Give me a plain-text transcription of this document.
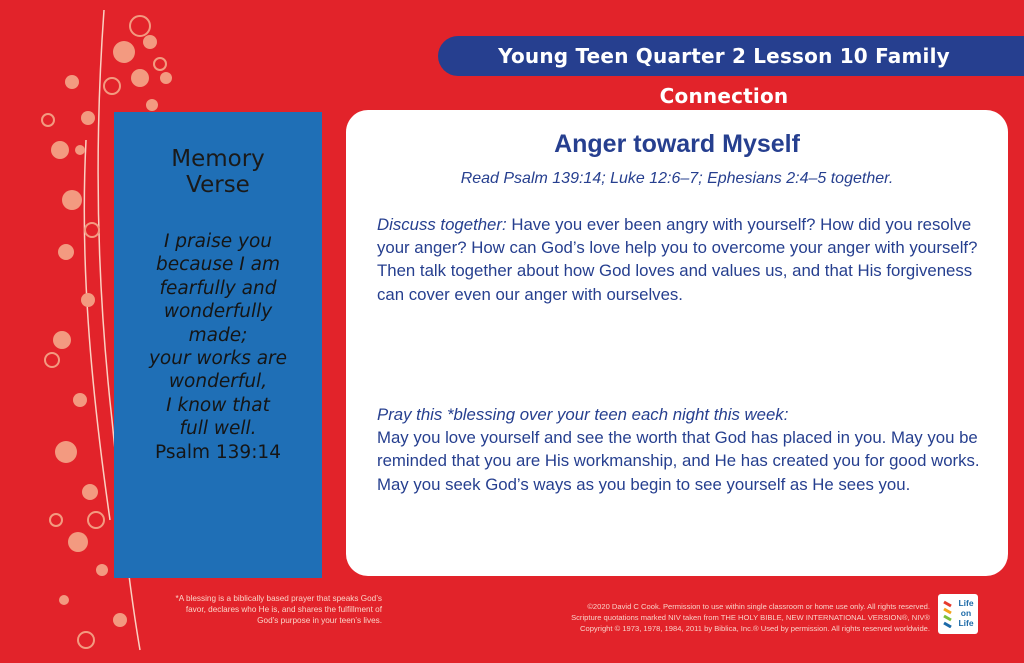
Young Teen Quarter 2 Lesson 10 Family Connection
Memory
Verse
I praise you
because I am
fearfully and
wonderfully
made;
your works are
wonderful,
I know that
full well.
Psalm 139:14
Anger toward Myself
Read Psalm 139:14; Luke 12:6–7; Ephesians 2:4–5 together.
Discuss together: Have you ever been angry with yourself? How did you resolve your anger? How can God’s love help you to overcome your anger with yourself? Then talk together about how God loves and values us, and that His forgiveness can cover even our anger with ourselves.
Pray this *blessing over your teen each night this week:
May you love yourself and see the worth that God has placed in you. May you be reminded that you are His workmanship, and He has created you for good works. May you seek God’s ways as you begin to see yourself as He sees you.
*A blessing is a biblically based prayer that speaks God’s favor, declares who He is, and shares the fulfillment of God’s purpose in your teen’s lives.
©2020 David C Cook. Permission to use within single classroom or home use only. All rights reserved.
Scripture quotations marked NIV taken from THE HOLY BIBLE, NEW INTERNATIONAL VERSION®, NIV®
Copyright © 1973, 1978, 1984, 2011 by Biblica, Inc.® Used by permission. All rights reserved worldwide.
Life
on
Life
